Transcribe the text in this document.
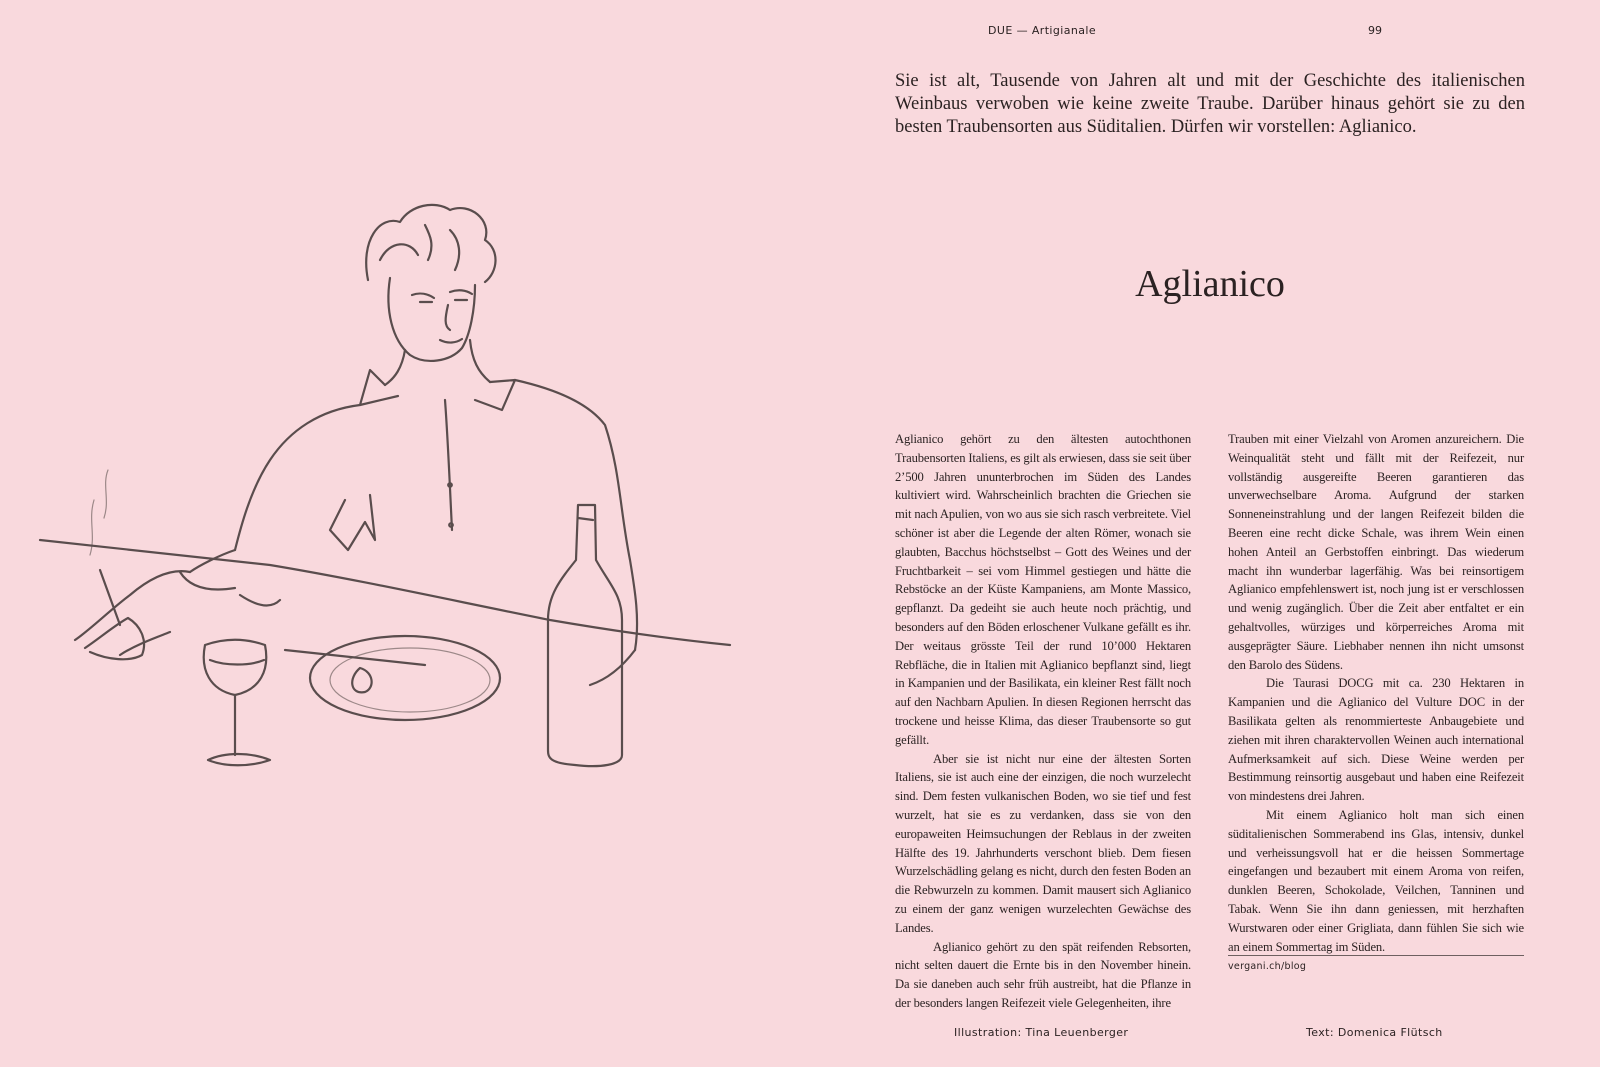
DUE — Artigianale	99
Sie ist alt, Tausende von Jahren alt und mit der Geschichte des italienischen Weinbaus verwoben wie keine zweite Traube. Darüber hinaus gehört sie zu den besten Traubensorten aus Süditalien. Dürfen wir vorstellen: Aglianico.
Aglianico

Aglianico gehört zu den ältesten autochthonen Traubensorten Italiens, es gilt als erwiesen, dass sie seit über 2’500 Jahren ununterbrochen im Süden des Landes kultiviert wird. Wahrscheinlich brachten die Griechen sie mit nach Apulien, von wo aus sie sich rasch verbreitete. Viel schöner ist aber die Legende der alten Römer, wonach sie glaubten, Bacchus höchstselbst – Gott des Weines und der Fruchtbarkeit – sei vom Himmel gestiegen und hätte die Rebstöcke an der Küste Kampaniens, am Monte Massico, gepflanzt. Da gedeiht sie auch heute noch prächtig, und besonders auf den Böden erloschener Vulkane gefällt es ihr. Der weitaus grösste Teil der rund 10’000 Hektaren Rebfläche, die in Italien mit Aglianico bepflanzt sind, liegt in Kampanien und der Basilikata, ein kleiner Rest fällt noch auf den Nachbarn Apulien. In diesen Regionen herrscht das trockene und heisse Klima, das dieser Traubensorte so gut gefällt.

Aber sie ist nicht nur eine der ältesten Sorten Italiens, sie ist auch eine der einzigen, die noch wurzelecht sind. Dem festen vulkanischen Boden, wo sie tief und fest wurzelt, hat sie es zu verdanken, dass sie von den europaweiten Heimsuchungen der Reblaus in der zweiten Hälfte des 19. Jahrhunderts verschont blieb. Dem fiesen Wurzelschädling gelang es nicht, durch den festen Boden an die Rebwurzeln zu kommen. Damit mausert sich Aglianico zu einem der ganz wenigen wurzelechten Gewächse des Landes.

Aglianico gehört zu den spät reifenden Rebsorten, nicht selten dauert die Ernte bis in den November hinein. Da sie daneben auch sehr früh austreibt, hat die Pflanze in der besonders langen Reifezeit viele Gelegenheiten, ihre

Trauben mit einer Vielzahl von Aromen anzureichern. Die Weinqualität steht und fällt mit der Reifezeit, nur vollständig ausgereifte Beeren garantieren das unverwechselbare Aroma. Aufgrund der starken Sonneneinstrahlung und der langen Reifezeit bilden die Beeren eine recht dicke Schale, was ihrem Wein einen hohen Anteil an Gerbstoffen einbringt. Das wiederum macht ihn wunderbar lagerfähig. Was bei reinsortigem Aglianico empfehlenswert ist, noch jung ist er verschlossen und wenig zugänglich. Über die Zeit aber entfaltet er ein gehaltvolles, würziges und körperreiches Aroma mit ausgeprägter Säure. Liebhaber nennen ihn nicht umsonst den Barolo des Südens.

Die Taurasi DOCG mit ca. 230 Hektaren in Kampanien und die Aglianico del Vulture DOC in der Basilikata gelten als renommierteste Anbaugebiete und ziehen mit ihren charaktervollen Weinen auch international Aufmerksamkeit auf sich. Diese Weine werden per Bestimmung reinsortig ausgebaut und haben eine Reifezeit von mindestens drei Jahren.

Mit einem Aglianico holt man sich einen süditalienischen Sommerabend ins Glas, intensiv, dunkel und verheissungsvoll hat er die heissen Sommertage eingefangen und bezaubert mit einem Aroma von reifen, dunklen Beeren, Schokolade, Veilchen, Tanninen und Tabak. Wenn Sie ihn dann geniessen, mit herzhaften Wurstwaren oder einer Grigliata, dann fühlen Sie sich wie an einem Sommertag im Süden.

vergani.ch/blog
Illustration: Tina Leuenberger	Text: Domenica Flütsch
